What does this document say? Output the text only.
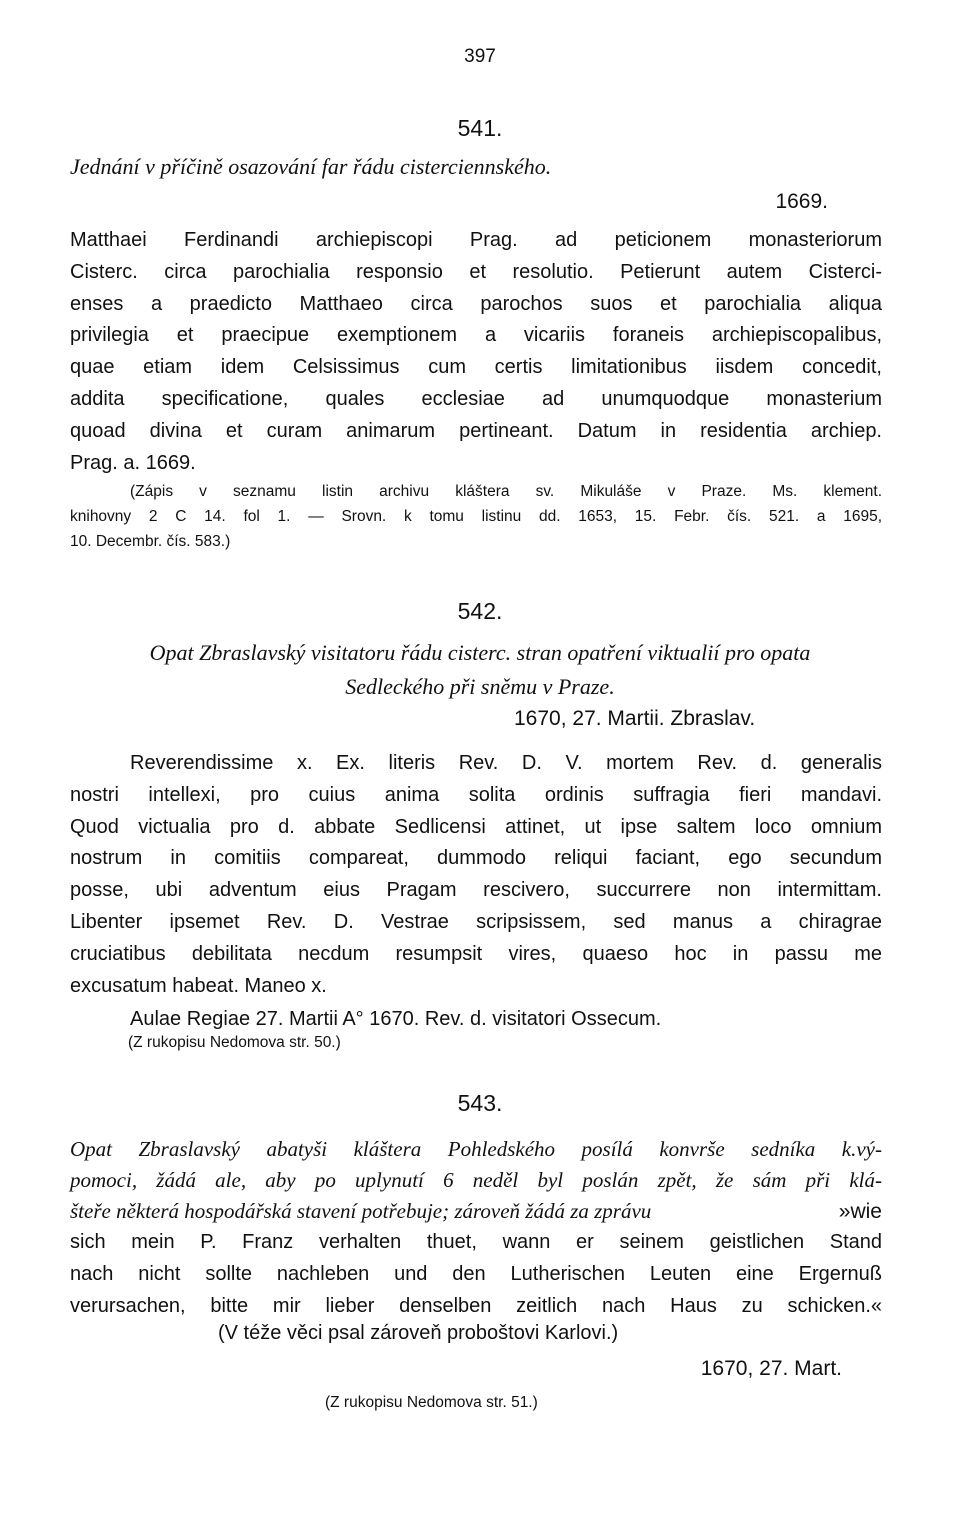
397
541.
Jednání v příčině osazování far řádu cisterciennského.
1669.
Matthaei Ferdinandi archiepiscopi Prag. ad peticionem monasteriorum
Cisterc. circa parochialia responsio et resolutio. Petierunt autem Cisterci-
enses a praedicto Matthaeo circa parochos suos et parochialia aliqua
privilegia et praecipue exemptionem a vicariis foraneis archiepiscopalibus,
quae etiam idem Celsissimus cum certis limitationibus iisdem concedit,
addita specificatione, quales ecclesiae ad unumquodque monasterium
quoad divina et curam animarum pertineant. Datum in residentia archiep.
Prag. a. 1669.
(Zápis v seznamu listin archivu kláštera sv. Mikuláše v Praze. Ms. klement.
knihovny 2 C 14. fol 1. — Srovn. k tomu listinu dd. 1653, 15. Febr. čís. 521. a 1695,
10. Decembr. čís. 583.)
542.
Opat Zbraslavský visitatoru řádu cisterc. stran opatření viktualií pro opata
Sedleckého při sněmu v Praze.
1670, 27. Martii. Zbraslav.
Reverendissime x. Ex. literis Rev. D. V. mortem Rev. d. generalis
nostri intellexi, pro cuius anima solita ordinis suffragia fieri mandavi.
Quod victualia pro d. abbate Sedlicensi attinet, ut ipse saltem loco omnium
nostrum in comitiis compareat, dummodo reliqui faciant, ego secundum
posse, ubi adventum eius Pragam rescivero, succurrere non intermittam.
Libenter ipsemet Rev. D. Vestrae scripsissem, sed manus a chiragrae
cruciatibus debilitata necdum resumpsit vires, quaeso hoc in passu me
excusatum habeat. Maneo x.
Aulae Regiae 27. Martii A° 1670. Rev. d. visitatori Ossecum.
(Z rukopisu Nedomova str. 50.)
543.
Opat Zbraslavský abatyši kláštera Pohledského posílá konvrše sedníka k.vý-
pomoci, žádá ale, aby po uplynutí 6 neděl byl poslán zpět, že sám při klá-
šteře některá hospodářská stavení potřebuje; zároveň žádá za zprávu	»wie
sich mein P. Franz verhalten thuet, wann er seinem geistlichen Stand
nach nicht sollte nachleben und den Lutherischen Leuten eine Ergernuß
verursachen, bitte mir lieber denselben zeitlich nach Haus zu schicken.«
(V téže věci psal zároveň proboštovi Karlovi.)
1670, 27. Mart.
(Z rukopisu Nedomova str. 51.)
